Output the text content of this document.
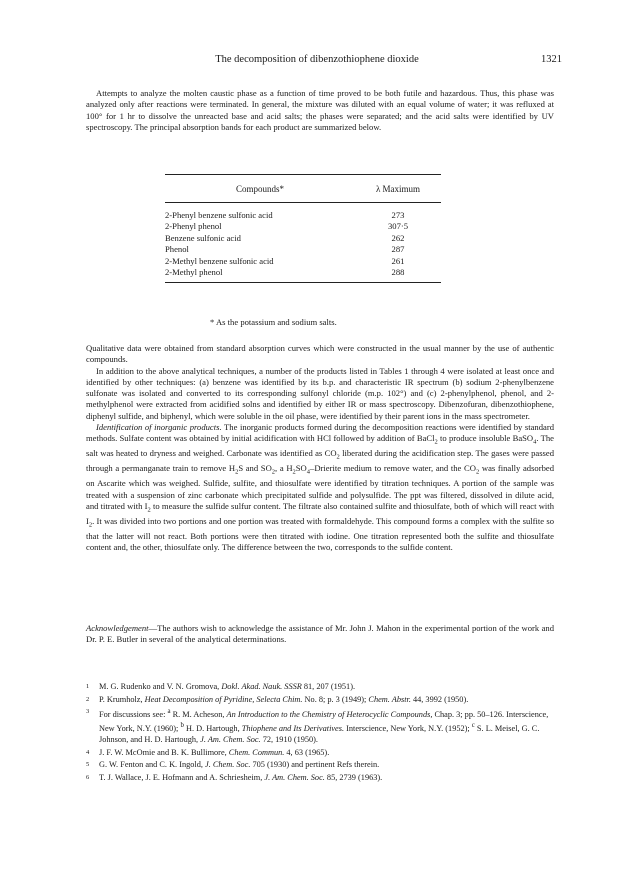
The decomposition of dibenzothiophene dioxide	1321

Attempts to analyze the molten caustic phase as a function of time proved to be both futile and hazardous. Thus, this phase was analyzed only after reactions were terminated. In general, the mixture was diluted with an equal volume of water; it was refluxed at 100° for 1 hr to dissolve the unreacted base and acid salts; the phases were separated; and the acid salts were identified by UV spectroscopy. The principal absorption bands for each product are summarized below.

Compounds*	λ Maximum
2-Phenyl benzene sulfonic acid	273
2-Phenyl phenol	307·5
Benzene sulfonic acid	262
Phenol	287
2-Methyl benzene sulfonic acid	261
2-Methyl phenol	288
* As the potassium and sodium salts.

Qualitative data were obtained from standard absorption curves which were constructed in the usual manner by the use of authentic compounds.

In addition to the above analytical techniques, a number of the products listed in Tables 1 through 4 were isolated at least once and identified by other techniques: (a) benzene was identified by its b.p. and characteristic IR spectrum (b) sodium 2-phenylbenzene sulfonate was isolated and converted to its corresponding sulfonyl chloride (m.p. 102°) and (c) 2-phenylphenol, phenol, and 2-methylphenol were extracted from acidified solns and identified by either IR or mass spectroscopy. Dibenzofuran, dibenzothiophene, diphenyl sulfide, and biphenyl, which were soluble in the oil phase, were identified by their parent ions in the mass spectrometer.

Identification of inorganic products. The inorganic products formed during the decomposition reactions were identified by standard methods. Sulfate content was obtained by initial acidification with HCl followed by addition of BaCl$_2$ to produce insoluble BaSO$_4$. The salt was heated to dryness and weighed. Carbonate was identified as $CO_2$ liberated during the acidification step. The gases were passed through a permanganate train to remove $H_2S$ and $SO_2$, a $H_2SO_4$–Drierite medium to remove water, and the $CO_2$ was finally adsorbed on Ascarite which was weighed. Sulfide, sulfite, and thiosulfate were identified by titration techniques. A portion of the sample was treated with a suspension of zinc carbonate which precipitated sulfide and polysulfide. The ppt was filtered, dissolved in dilute acid, and titrated with $I_2$ to measure the sulfide sulfur content. The filtrate also contained sulfite and thiosulfate, both of which will react with $I_2$. It was divided into two portions and one portion was treated with formaldehyde. This compound forms a complex with the sulfite so that the latter will not react. Both portions were then titrated with iodine. One titration represented both the sulfite and thiosulfate content and, the other, thiosulfate only. The difference between the two, corresponds to the sulfide content.

Acknowledgement—The authors wish to acknowledge the assistance of Mr. John J. Mahon in the experimental portion of the work and Dr. P. E. Butler in several of the analytical determinations.
1	M. G. Rudenko and V. N. Gromova, Dokl. Akad. Nauk. SSSR 81, 207 (1951).
2	P. Krumholz, Heat Decomposition of Pyridine, Selecta Chim. No. 8; p. 3 (1949); Chem. Abstr. 44, 3992 (1950).
3	For discussions see: $^a$ R. M. Acheson, An Introduction to the Chemistry of Heterocyclic Compounds, Chap. 3; pp. 50–126. Interscience, New York, N.Y. (1960); $^b$ H. D. Hartough, Thiophene and Its Derivatives. Interscience, New York, N.Y. (1952); $^c$ S. L. Meisel, G. C. Johnson, and H. D. Hartough, J. Am. Chem. Soc. 72, 1910 (1950).
4	J. F. W. McOmie and B. K. Bullimore, Chem. Commun. 4, 63 (1965).
5	G. W. Fenton and C. K. Ingold, J. Chem. Soc. 705 (1930) and pertinent Refs therein.
6	T. J. Wallace, J. E. Hofmann and A. Schriesheim, J. Am. Chem. Soc. 85, 2739 (1963).
